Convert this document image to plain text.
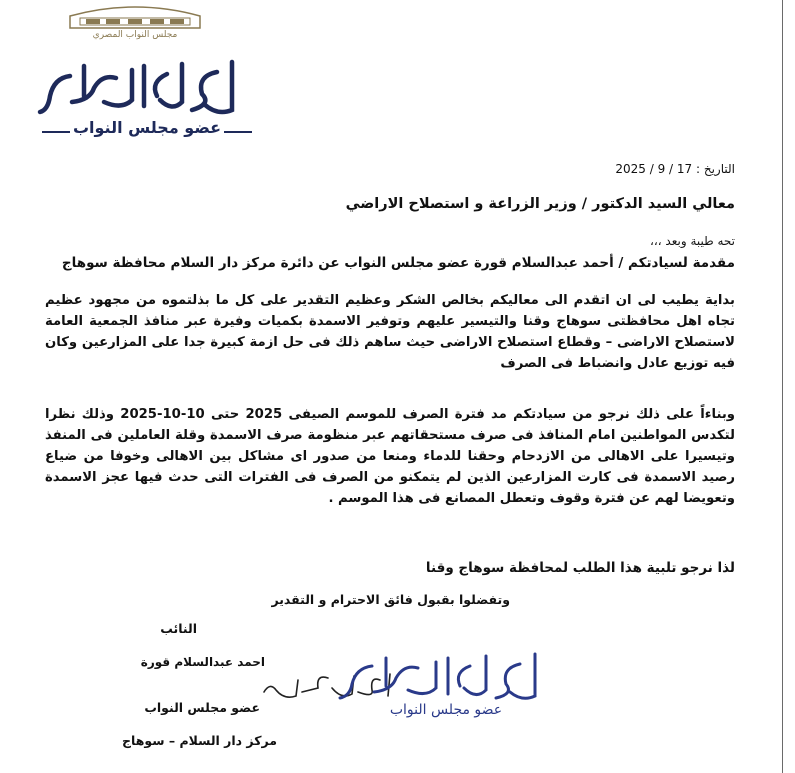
مجلس النواب المصري
عضو مجلس النواب
التاريخ : 17 / 9 / 2025
معالي السيد الدكتور / وزير الزراعة و استصلاح الاراضي
تحه طيبة وبعد ،،،
مقدمة لسيادتكم / أحمد عبدالسلام قورة عضو مجلس النواب عن دائرة مركز دار السلام محافظة سوهاج
بداية يطيب لى ان اتقدم الى معاليكم بخالص الشكر وعظيم التقدير على كل ما بذلتموه من مجهود عظيم تجاه اهل محافظتى سوهاج وقنا والتيسير عليهم وتوفير الاسمدة بكميات وفيرة عبر منافذ الجمعية العامة لاستصلاح الاراضى – وقطاع استصلاح الاراضى حيث ساهم ذلك فى حل ازمة كبيرة جدا على المزارعين وكان فيه توزيع عادل وانضباط فى الصرف
وبناءاً على ذلك نرجو من سيادتكم مد فترة الصرف للموسم الصيفى 2025 حتى 10-10-2025 وذلك نظرا لتكدس المواطنين امام المنافذ فى صرف مستحقاتهم عبر منظومة صرف الاسمدة وقلة العاملين فى المنفذ وتيسيرا على الاهالى من الازدحام وحقنا للدماء ومنعا من صدور اى مشاكل بين الاهالى وخوفا من ضياع رصيد الاسمدة فى كارت المزارعين الذين لم يتمكنو من الصرف فى الفترات التى حدث فيها عجز الاسمدة وتعويضا لهم عن فترة وقوف وتعطل المصانع فى هذا الموسم .
لذا نرجو تلبية هذا الطلب لمحافظة سوهاج وقنا
وتفضلوا بقبول فائق الاحترام و التقدير
النائب
احمد عبدالسلام قورة
عضو مجلس النواب
مركز دار السلام – سوهاج
عضو مجلس النواب
